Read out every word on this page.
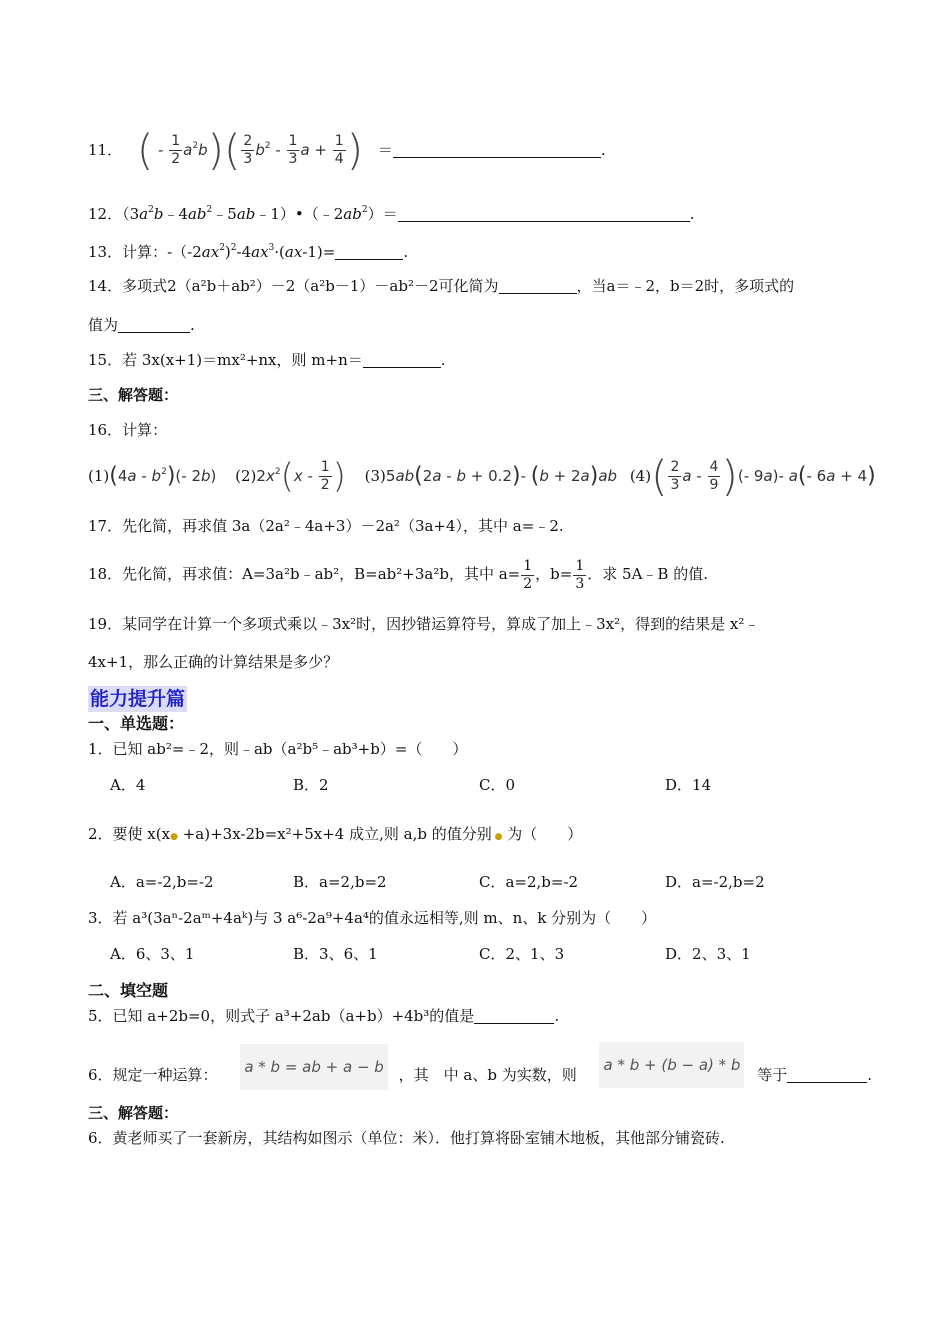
11． ( - $\frac{1}{2} a^2b)( \frac{2}{3} b^2 - \frac{1}{3}$ $a + \frac{1}{4}$ ) ＝	.
12．$(3a^2b﹣4ab^2﹣5ab﹣1)•(﹣2ab^2)=$	.
13．计算：$-(-2ax^2)^2-4ax^3\cdot(ax-1)=$	.
14．多项式2（a²b＋ab²）－2（a²b－1）－ab²－2可化简为	，当a＝﹣2，b＝2时，多项式的
值为	.
15．若 3x(x+1)＝mx²+nx，则 m+n＝	.
三、解答题：
16．计算：
$(1)(4a - b^2)(-$ 2b) $(2)2x^2(x - \frac{1}{2}$ ) (3)5ab(2a - b + 0.2)- (b + 2a)ab $(4)( \frac{2}{3}$ a - $\frac{4}{9}$ )(- 9a)- a(- 6a + 4)
17．先化简，再求值 3a（2a²﹣4a+3）－2a²（3a+4），其中 a=﹣2.
18．先化简，再求值：A=3a²b﹣ab²，B=ab²+3a²b，其中 $a= \frac{1}{2}$ ，$b= \frac{1}{3}$ ．求 5A﹣B 的值.
19．某同学在计算一个多项式乘以﹣3x²时，因抄错运算符号，算成了加上﹣3x²，得到的结果是 x²﹣
4x+1，那么正确的计算结果是多少？
能力提升篇
一、单选题：
1．已知 ab²=﹣2，则﹣ab（a²b⁵﹣ab³+b）=（　　）
A．4	B．2	C．0	D．14
2．要使 x(x● +a)+3x-2b=x²+5x+4 成立,则 a,b 的值分别 ● 为（　　）
A．a=-2,b=-2	B．a=2,b=2	C．a=2,b=-2	D．a=-2,b=2
3．若 a³(3aⁿ-2aᵐ+4aᵏ)与 3 a⁶-2a⁹+4a⁴的值永远相等,则 m、n、k 分别为（　　）
A．6、3、1	B．3、6、1	C．2、1、3	D．2、3、1
二、填空题
5．已知 a+2b=0，则式子 a³+2ab（a+b）+4b³的值是	.
6．规定一种运算： a * b = ab + a − b ，其　中 a、b 为实数，则 a * b + (b − a) * b 等于	.
三、解答题：
6．黄老师买了一套新房，其结构如图示（单位：米）．他打算将卧室铺木地板，其他部分铺瓷砖.
